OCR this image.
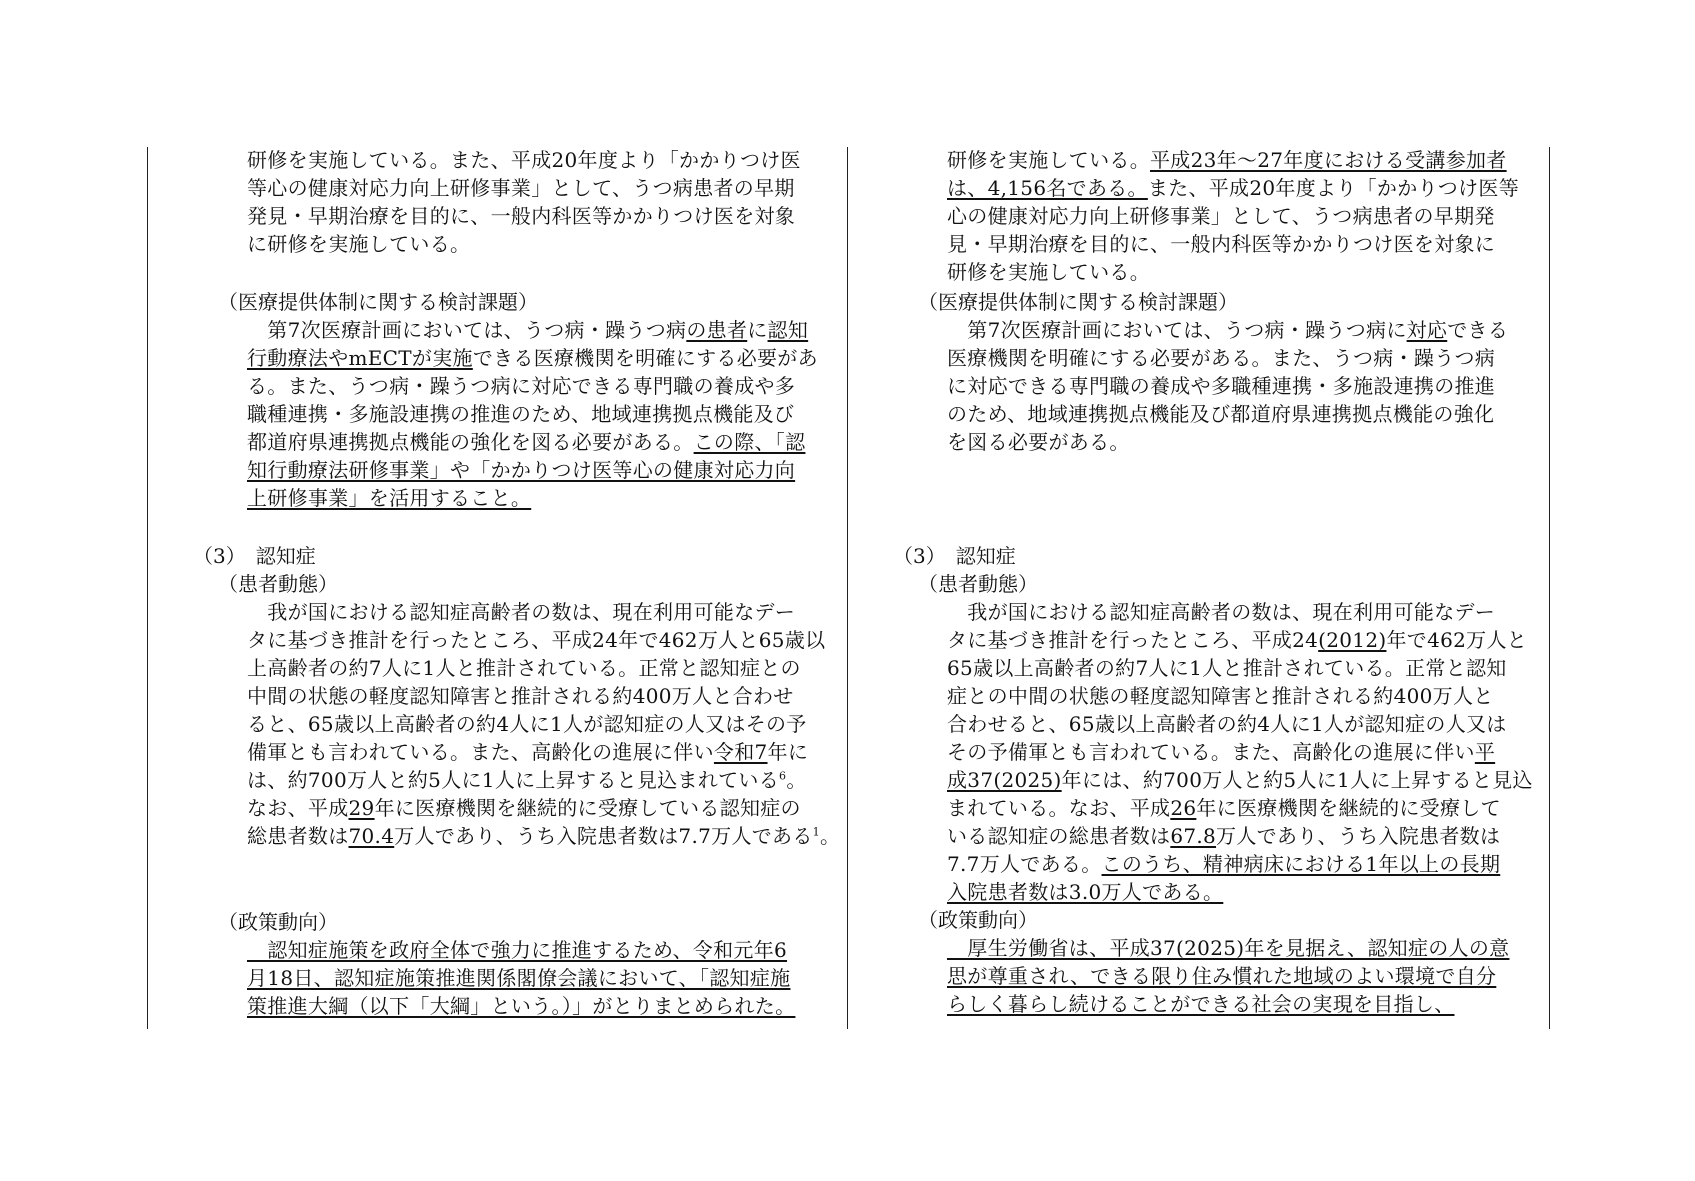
研修を実施している。また、平成20年度より「かかりつけ医
等心の健康対応力向上研修事業」として、うつ病患者の早期
発見・早期治療を目的に、一般内科医等かかりつけ医を対象
に研修を実施している。
（医療提供体制に関する検討課題）
　第7次医療計画においては、うつ病・躁うつ病の患者に認知
行動療法やmECTが実施できる医療機関を明確にする必要があ
る。また、うつ病・躁うつ病に対応できる専門職の養成や多
職種連携・多施設連携の推進のため、地域連携拠点機能及び
都道府県連携拠点機能の強化を図る必要がある。この際、「認
知行動療法研修事業」や「かかりつけ医等心の健康対応力向
上研修事業」を活用すること。
（3）　認知症
（患者動態）
　我が国における認知症高齢者の数は、現在利用可能なデー
タに基づき推計を行ったところ、平成24年で462万人と65歳以
上高齢者の約7人に1人と推計されている。正常と認知症との
中間の状態の軽度認知障害と推計される約400万人と合わせ
ると、65歳以上高齢者の約4人に1人が認知症の人又はその予
備軍とも言われている。また、高齢化の進展に伴い令和7年に
は、約700万人と約5人に1人に上昇すると見込まれている$^6$。
なお、平成29年に医療機関を継続的に受療している認知症の
総患者数は70.4万人であり、うち入院患者数は7.7万人である$^1$。
（政策動向）
　認知症施策を政府全体で強力に推進するため、令和元年6
月18日、認知症施策推進関係閣僚会議において、「認知症施
策推進大綱（以下「大綱」という。）」がとりまとめられた。
研修を実施している。平成23年～27年度における受講参加者
は、4,156名である。また、平成20年度より「かかりつけ医等
心の健康対応力向上研修事業」として、うつ病患者の早期発
見・早期治療を目的に、一般内科医等かかりつけ医を対象に
研修を実施している。
（医療提供体制に関する検討課題）
　第7次医療計画においては、うつ病・躁うつ病に対応できる
医療機関を明確にする必要がある。また、うつ病・躁うつ病
に対応できる専門職の養成や多職種連携・多施設連携の推進
のため、地域連携拠点機能及び都道府県連携拠点機能の強化
を図る必要がある。
（3）　認知症
（患者動態）
　我が国における認知症高齢者の数は、現在利用可能なデー
タに基づき推計を行ったところ、平成24(2012)年で462万人と
65歳以上高齢者の約7人に1人と推計されている。正常と認知
症との中間の状態の軽度認知障害と推計される約400万人と
合わせると、65歳以上高齢者の約4人に1人が認知症の人又は
その予備軍とも言われている。また、高齢化の進展に伴い平
成37(2025)年には、約700万人と約5人に1人に上昇すると見込
まれている。なお、平成26年に医療機関を継続的に受療して
いる認知症の総患者数は67.8万人であり、うち入院患者数は
7.7万人である。このうち、精神病床における1年以上の長期
入院患者数は3.0万人である。
（政策動向）
　厚生労働省は、平成37(2025)年を見据え、認知症の人の意
思が尊重され、できる限り住み慣れた地域のよい環境で自分
らしく暮らし続けることができる社会の実現を目指し、
